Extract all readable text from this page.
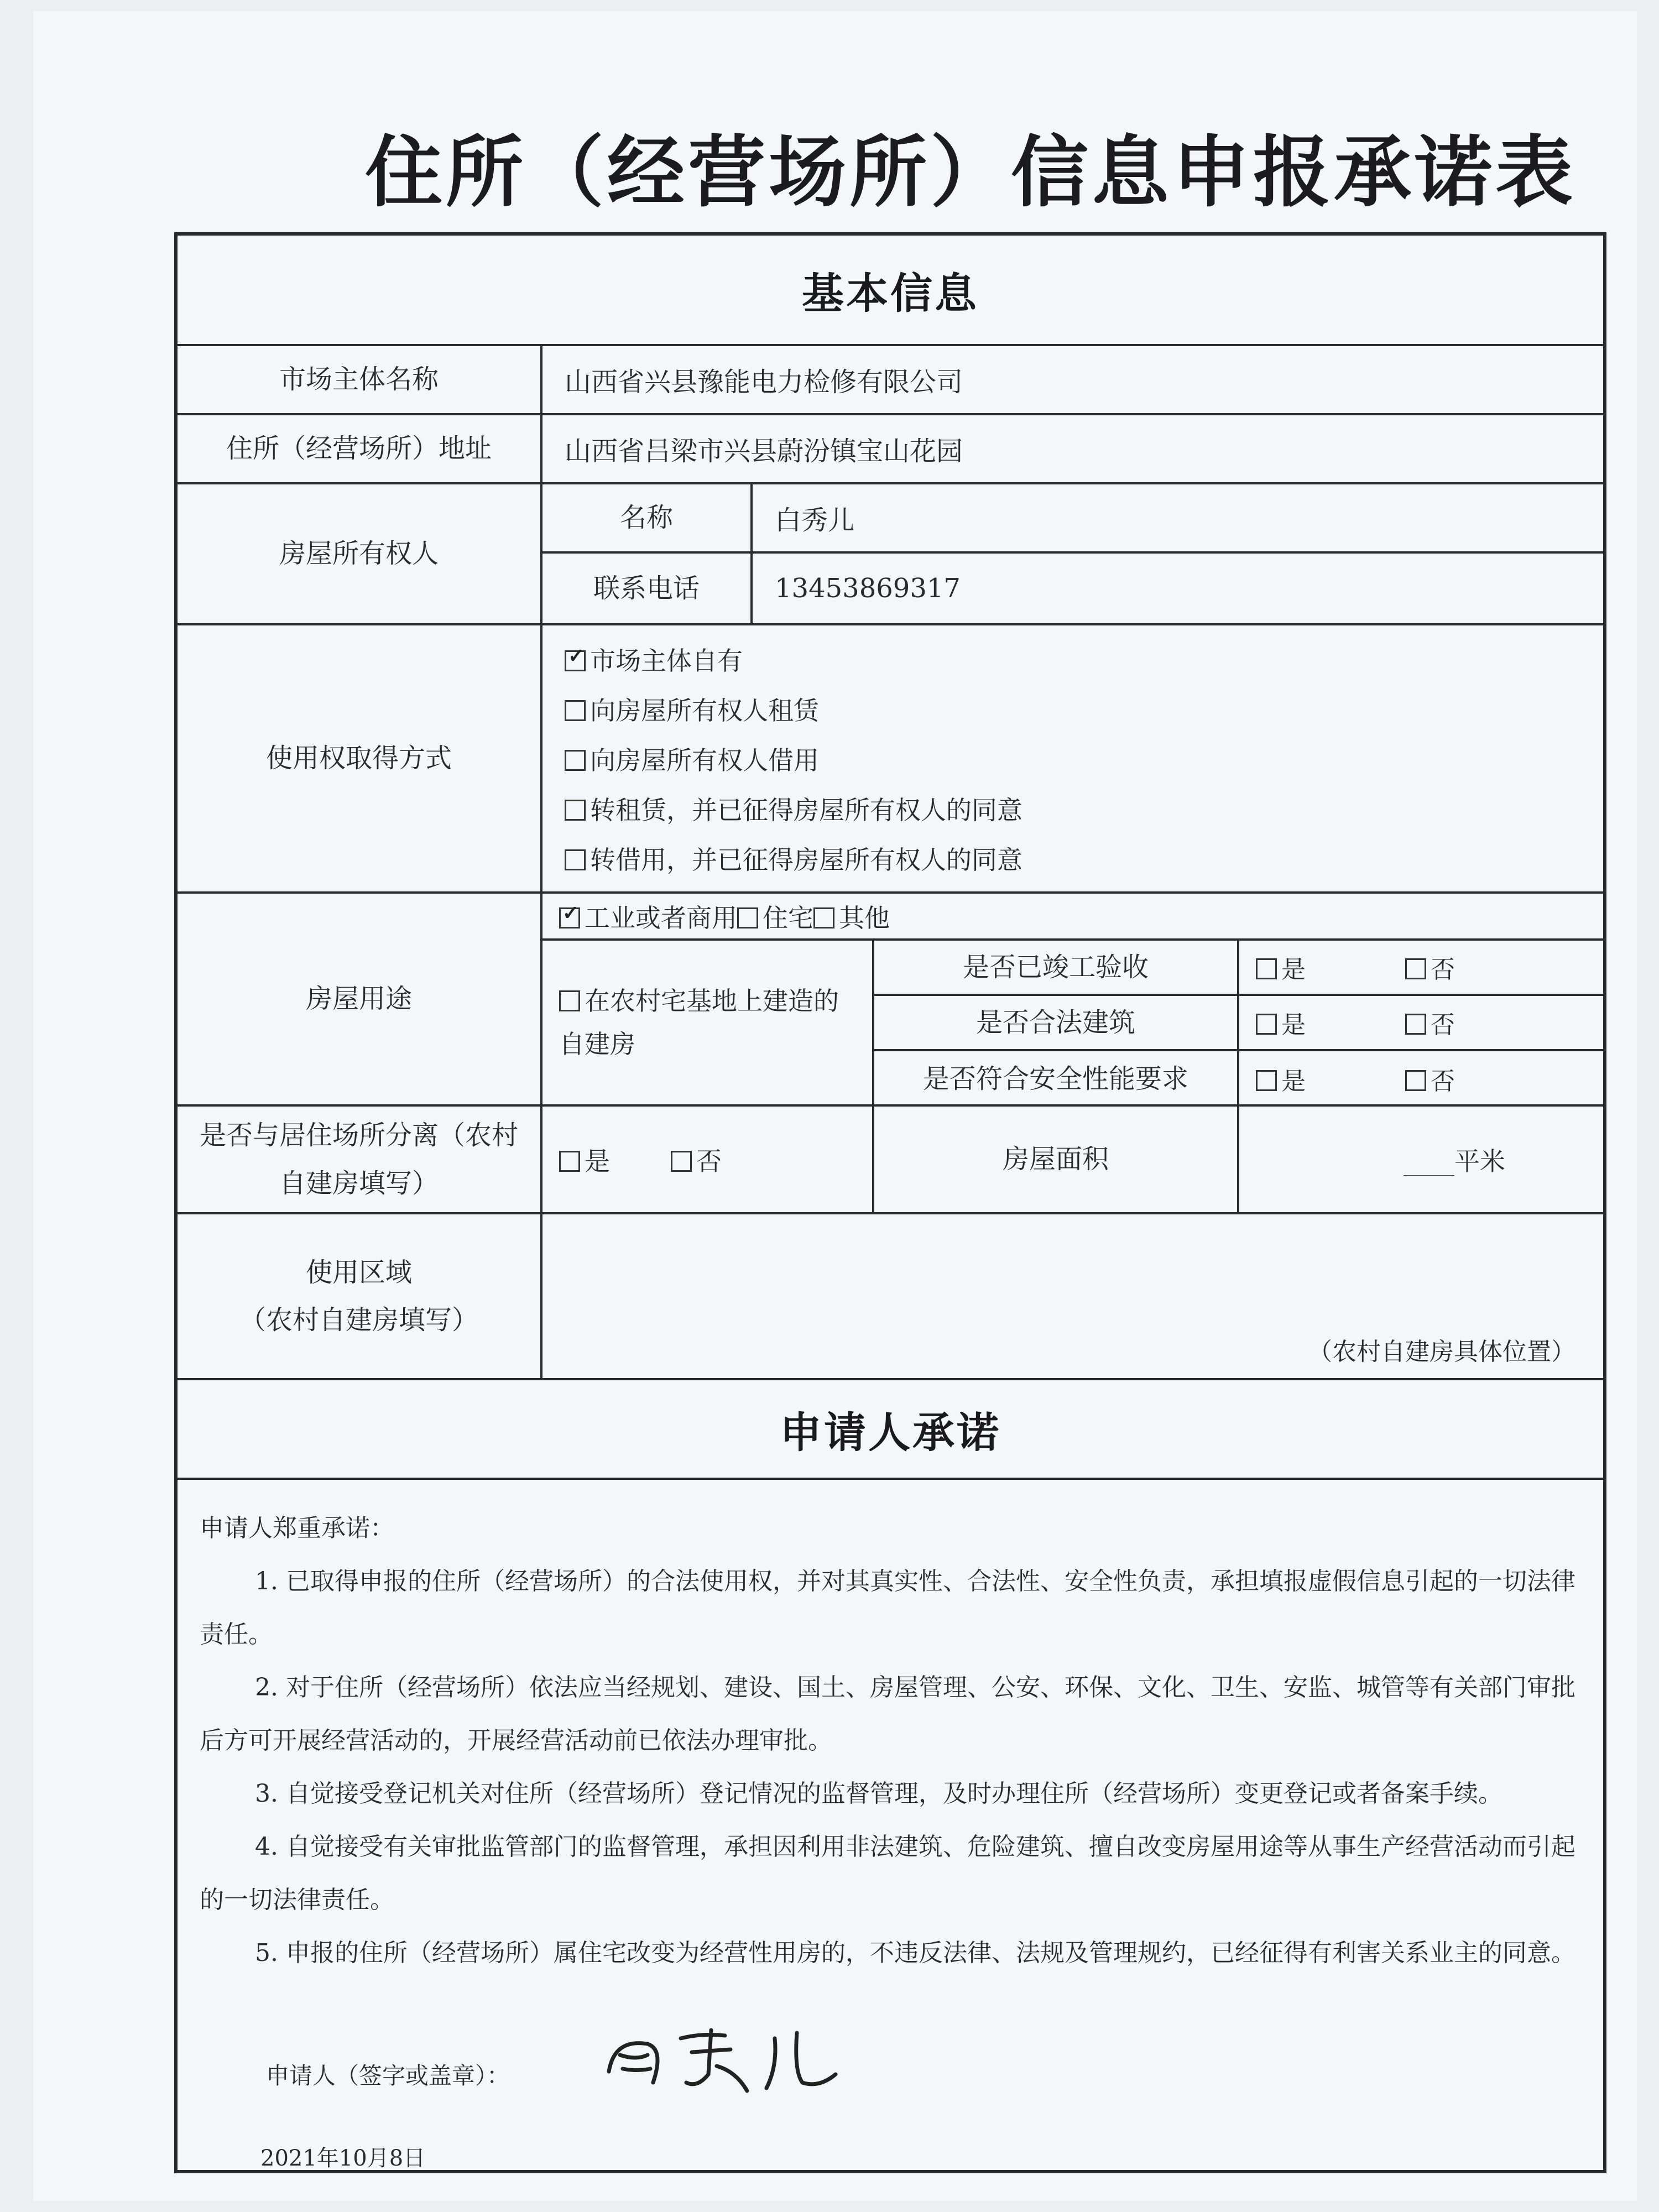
住所（经营场所）信息申报承诺表
基本信息
市场主体名称	山西省兴县豫能电力检修有限公司
住所（经营场所）地址	山西省吕梁市兴县蔚汾镇宝山花园
房屋所有权人
名称	白秀儿
联系电话	13453869317
使用权取得方式
✓市场主体自有
向房屋所有权人租赁
向房屋所有权人借用
转租赁，并已征得房屋所有权人的同意
转借用，并已征得房屋所有权人的同意
房屋用途
✓工业或者商用	住宅	其他
在农村宅基地上建造的自建房
是否已竣工验收	是	否
是否合法建筑	是	否
是否符合安全性能要求	是	否
是否与居住场所分离（农村自建房填写）
是	否	房屋面积	____平米
使用区域
（农村自建房填写）
（农村自建房具体位置）
申请人承诺

申请人郑重承诺：

1. 已取得申报的住所（经营场所）的合法使用权，并对其真实性、合法性、安全性负责，承担填报虚假信息引起的一切法律责任。

2. 对于住所（经营场所）依法应当经规划、建设、国土、房屋管理、公安、环保、文化、卫生、安监、城管等有关部门审批后方可开展经营活动的，开展经营活动前已依法办理审批。

3. 自觉接受登记机关对住所（经营场所）登记情况的监督管理，及时办理住所（经营场所）变更登记或者备案手续。

4. 自觉接受有关审批监管部门的监督管理，承担因利用非法建筑、危险建筑、擅自改变房屋用途等从事生产经营活动而引起的一切法律责任。

5. 申报的住所（经营场所）属住宅改变为经营性用房的，不违反法律、法规及管理规约，已经征得有利害关系业主的同意。

申请人（签字或盖章）：
2021年10月8日
